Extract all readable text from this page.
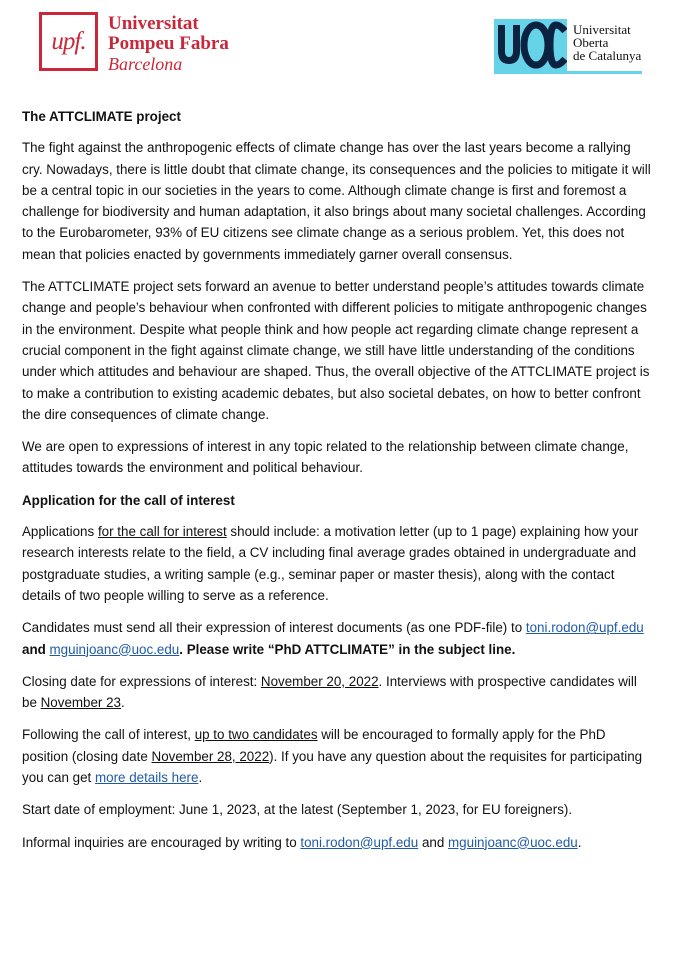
upf.
Universitat
Pompeu Fabra
Barcelona
Universitat
Oberta
de Catalunya
The ATTCLIMATE project

The fight against the anthropogenic effects of climate change has over the last years become a rallying cry. Nowadays, there is little doubt that climate change, its consequences and the policies to mitigate it will be a central topic in our societies in the years to come. Although climate change is first and foremost a challenge for biodiversity and human adaptation, it also brings about many societal challenges. According to the Eurobarometer, 93% of EU citizens see climate change as a serious problem. Yet, this does not mean that policies enacted by governments immediately garner overall consensus.

The ATTCLIMATE project sets forward an avenue to better understand people’s attitudes towards climate change and people’s behaviour when confronted with different policies to mitigate anthropogenic changes in the environment. Despite what people think and how people act regarding climate change represent a crucial component in the fight against climate change, we still have little understanding of the conditions under which attitudes and behaviour are shaped. Thus, the overall objective of the ATTCLIMATE project is to make a contribution to existing academic debates, but also societal debates, on how to better confront the dire consequences of climate change.

We are open to expressions of interest in any topic related to the relationship between climate change, attitudes towards the environment and political behaviour.

Application for the call of interest

Applications for the call for interest should include: a motivation letter (up to 1 page) explaining how your research interests relate to the field, a CV including final average grades obtained in undergraduate and postgraduate studies, a writing sample (e.g., seminar paper or master thesis), along with the contact details of two people willing to serve as a reference.

Candidates must send all their expression of interest documents (as one PDF-file) to toni.rodon@upf.edu and mguinjoanc@uoc.edu. Please write “PhD ATTCLIMATE” in the subject line.

Closing date for expressions of interest: November 20, 2022. Interviews with prospective candidates will be November 23.

Following the call of interest, up to two candidates will be encouraged to formally apply for the PhD position (closing date November 28, 2022). If you have any question about the requisites for participating you can get more details here.

Start date of employment: June 1, 2023, at the latest (September 1, 2023, for EU foreigners).

Informal inquiries are encouraged by writing to toni.rodon@upf.edu and mguinjoanc@uoc.edu.
